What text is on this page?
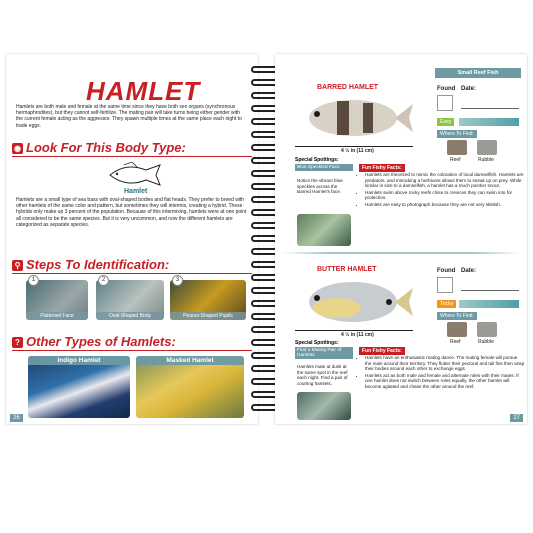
HAMLET
Hamlets are both male and female at the same time since they have both sex organs (synchronous hermaphrodites), but they cannot self-fertilize. The mating pair will take turns being either gender with the current female acting as the aggressor. They spawn multiple times at the same place each night to trade eggs.
◉ Look For This Body Type:
Hamlet
Hamlets are a small type of sea bass with oval-shaped bodies and flat heads. They prefer to breed with other hamlets of the same color and pattern, but sometimes they will intermix, creating a hybrid. These hybrids only make up 3 percent of the population. Because of this intermixing, hamlets were at one point all considered to be the same species. But it is very uncommon, and now the different hamlets are categorized as separate species.
⚲ Steps To Identification:
Flattened Face
1
Oval-Shaped Body
2
Peanut-Shaped Pupils
3
? Other Types of Hamlets:
Indigo Hamlet	Masked Hamlet
26
Small Reef Fish
BARRED HAMLET
4 ½ in (11 cm)
Found Date:
Easy
Where To Find:
Reef	Rubble
Special Spottings:
Blue Speckled Face
Notice the vibrant blue speckles across the Barred Hamlet's face.
Fun Fishy Facts:
• Hamlets are theorized to mimic the coloration of local damselfish. Hamlets are predators, and mimicking a herbivore allows them to sneak up on prey. While similar in size to a damselfish, a hamlet has a much pointier snout.
• Hamlets swim above rocky reefs close to crevices they can swim into for protection.
• Hamlets are easy to photograph because they are not very skittish.
BUTTER HAMLET
4 ½ in (11 cm)
Found Date:
Tricky
Where To Find:
Reef	Rubble
Special Spottings:
Find a Mating Pair of Hamlets
Hamlets mate at dusk at the same spot in the reef each night. Find a pair of courting hamlets.
Fun Fishy Facts:
• Hamlets have an enthusiastic mating dance. The mating female will pursue the male around their territory. They flutter their pectoral and tail fins then wrap their bodies around each other to exchange eggs.
• Hamlets act as both male and female and alternate roles with their mates. If one hamlet does not switch between roles equally, the other hamlet will become agitated and chase the other around the reef.
27
